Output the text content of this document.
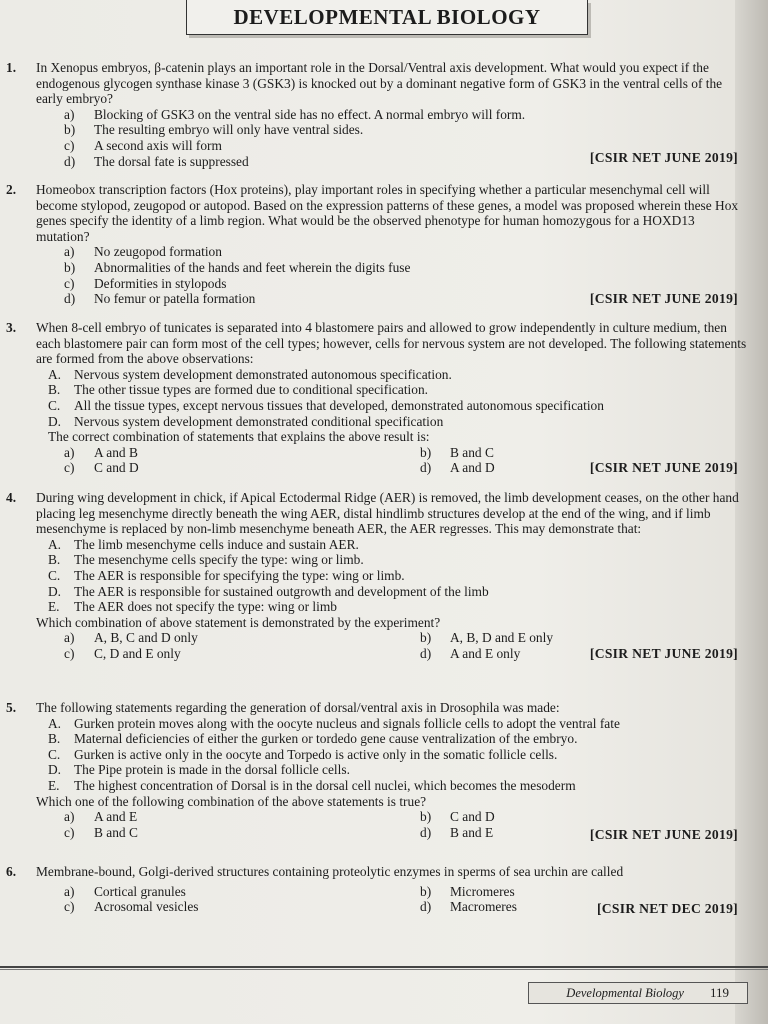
DEVELOPMENTAL BIOLOGY
1. In Xenopus embryos, β-catenin plays an important role in the Dorsal/Ventral axis development. What would you expect if the endogenous glycogen synthase kinase 3 (GSK3) is knocked out by a dominant negative form of GSK3 in the ventral cells of the early embryo?
a) Blocking of GSK3 on the ventral side has no effect. A normal embryo will form.
b) The resulting embryo will only have ventral sides.
c) A second axis will form
d) The dorsal fate is suppressed	[CSIR NET JUNE 2019]
2. Homeobox transcription factors (Hox proteins), play important roles in specifying whether a particular mesenchymal cell will become stylopod, zeugopod or autopod. Based on the expression patterns of these genes, a model was proposed wherein these Hox genes specify the identity of a limb region. What would be the observed phenotype for human homozygous for a HOXD13 mutation?
a) No zeugopod formation
b) Abnormalities of the hands and feet wherein the digits fuse
c) Deformities in stylopods
d) No femur or patella formation	[CSIR NET JUNE 2019]
3. When 8-cell embryo of tunicates is separated into 4 blastomere pairs and allowed to grow independently in culture medium, then each blastomere pair can form most of the cell types; however, cells for nervous system are not developed. The following statements are formed from the above observations:
A. Nervous system development demonstrated autonomous specification.
B. The other tissue types are formed due to conditional specification.
C. All the tissue types, except nervous tissues that developed, demonstrated autonomous specification
D. Nervous system development demonstrated conditional specification
The correct combination of statements that explains the above result is:
a) A and B	b) B and C
c) C and D	d) A and D	[CSIR NET JUNE 2019]
4. During wing development in chick, if Apical Ectodermal Ridge (AER) is removed, the limb development ceases, on the other hand placing leg mesenchyme directly beneath the wing AER, distal hindlimb structures develop at the end of the wing, and if limb mesenchyme is replaced by non-limb mesenchyme beneath AER, the AER regresses. This may demonstrate that:
A. The limb mesenchyme cells induce and sustain AER.
B. The mesenchyme cells specify the type: wing or limb.
C. The AER is responsible for specifying the type: wing or limb.
D. The AER is responsible for sustained outgrowth and development of the limb
E. The AER does not specify the type: wing or limb
Which combination of above statement is demonstrated by the experiment?
a) A, B, C and D only	b) A, B, D and E only
c) C, D and E only	d) A and E only	[CSIR NET JUNE 2019]
5. The following statements regarding the generation of dorsal/ventral axis in Drosophila was made:
A. Gurken protein moves along with the oocyte nucleus and signals follicle cells to adopt the ventral fate
B. Maternal deficiencies of either the gurken or tordedo gene cause ventralization of the embryo.
C. Gurken is active only in the oocyte and Torpedo is active only in the somatic follicle cells.
D. The Pipe protein is made in the dorsal follicle cells.
E. The highest concentration of Dorsal is in the dorsal cell nuclei, which becomes the mesoderm
Which one of the following combination of the above statements is true?
a) A and E	b) C and D
c) B and C	d) B and E	[CSIR NET JUNE 2019]
6. Membrane-bound, Golgi-derived structures containing proteolytic enzymes in sperms of sea urchin are called
a) Cortical granules	b) Micromeres
c) Acrosomal vesicles	d) Macromeres	[CSIR NET DEC 2019]
Developmental Biology 119
